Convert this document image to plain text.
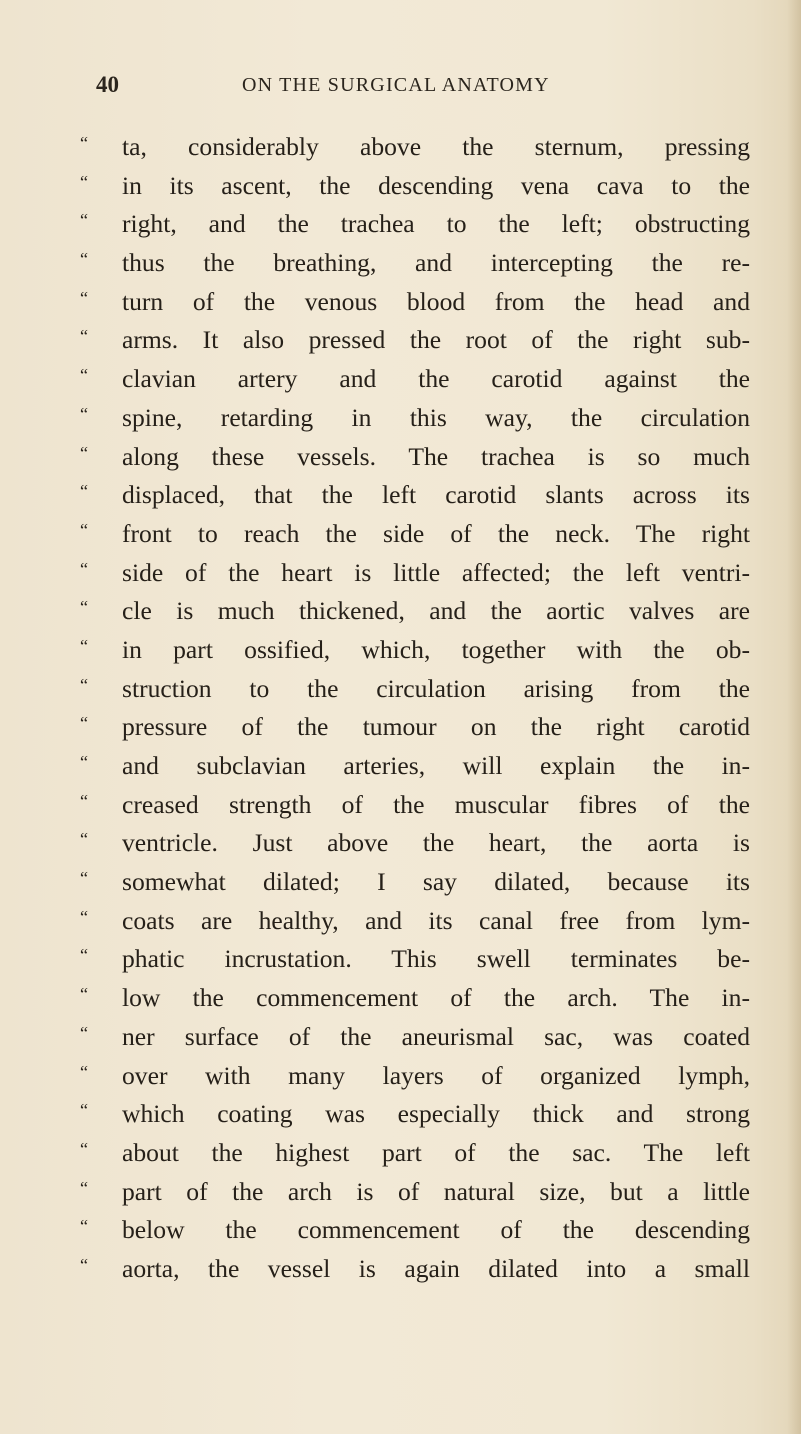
40	ON THE SURGICAL ANATOMY
“	ta, considerably above the sternum, pressing
“	in its ascent, the descending vena cava to the
“	right, and the trachea to the left; obstructing
“	thus the breathing, and intercepting the re-
“	turn of the venous blood from the head and
“	arms. It also pressed the root of the right sub-
“	clavian artery and the carotid against the
“	spine, retarding in this way, the circulation
“	along these vessels. The trachea is so much
“	displaced, that the left carotid slants across its
“	front to reach the side of the neck. The right
“	side of the heart is little affected; the left ventri-
“	cle is much thickened, and the aortic valves are
“	in part ossified, which, together with the ob-
“	struction to the circulation arising from the
“	pressure of the tumour on the right carotid
“	and subclavian arteries, will explain the in-
“	creased strength of the muscular fibres of the
“	ventricle. Just above the heart, the aorta is
“	somewhat dilated; I say dilated, because its
“	coats are healthy, and its canal free from lym-
“	phatic incrustation. This swell terminates be-
“	low the commencement of the arch. The in-
“	ner surface of the aneurismal sac, was coated
“	over with many layers of organized lymph,
“	which coating was especially thick and strong
“	about the highest part of the sac. The left
“	part of the arch is of natural size, but a little
“	below the commencement of the descending
“	aorta, the vessel is again dilated into a small
